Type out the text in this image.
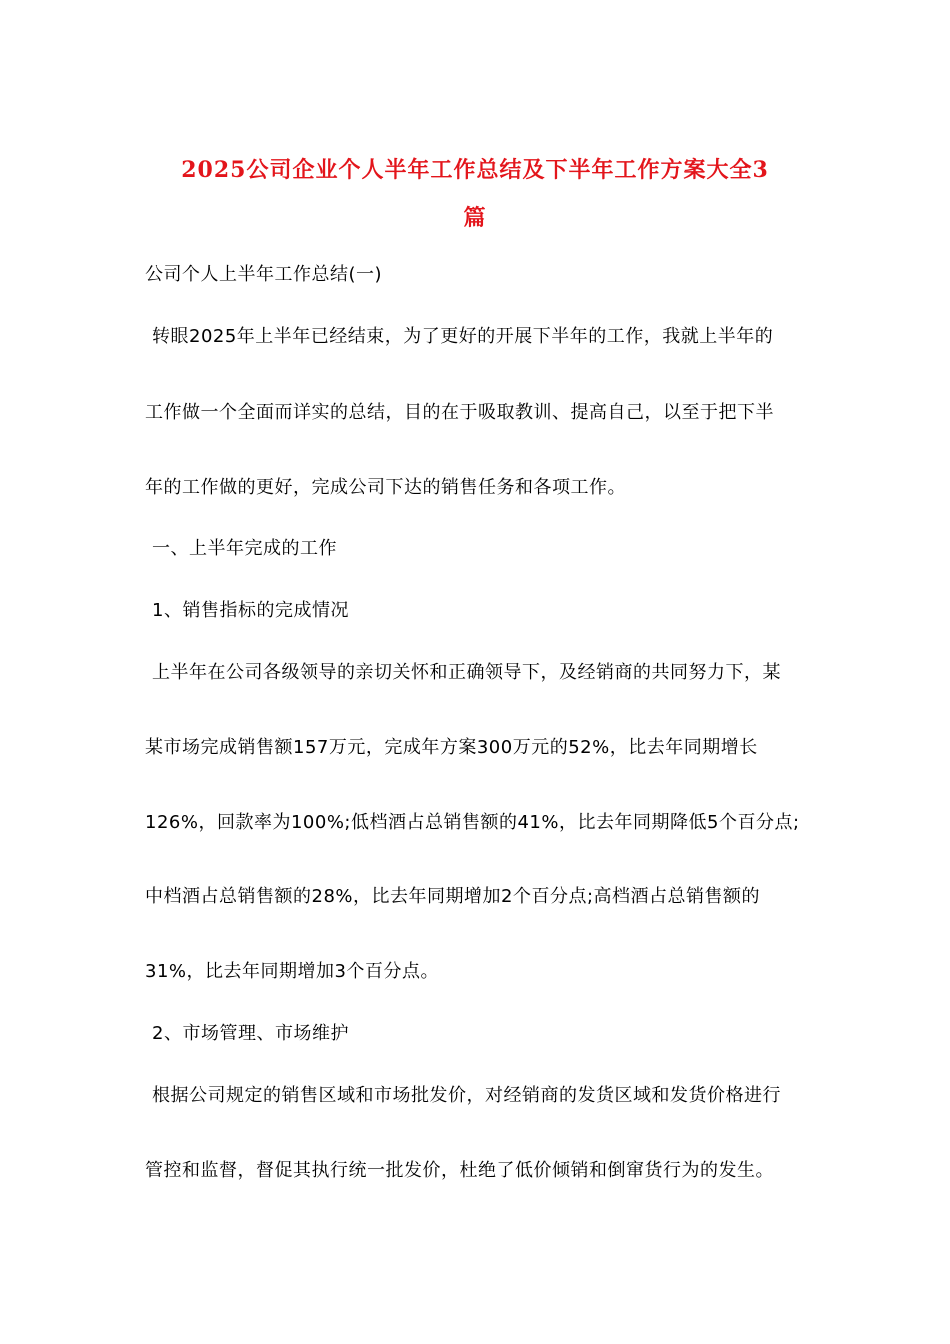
2025公司企业个人半年工作总结及下半年工作方案大全3
篇
公司个人上半年工作总结(一)
转眼2025年上半年已经结束，为了更好的开展下半年的工作，我就上半年的
工作做一个全面而详实的总结，目的在于吸取教训、提高自己，以至于把下半
年的工作做的更好，完成公司下达的销售任务和各项工作。
一、上半年完成的工作
1、销售指标的完成情况
上半年在公司各级领导的亲切关怀和正确领导下，及经销商的共同努力下，某
某市场完成销售额157万元，完成年方案300万元的52%，比去年同期增长
126%，回款率为100%;低档酒占总销售额的41%，比去年同期降低5个百分点;
中档酒占总销售额的28%，比去年同期增加2个百分点;高档酒占总销售额的
31%，比去年同期增加3个百分点。
2、市场管理、市场维护
根据公司规定的销售区域和市场批发价，对经销商的发货区域和发货价格进行
管控和监督，督促其执行统一批发价，杜绝了低价倾销和倒窜货行为的发生。
